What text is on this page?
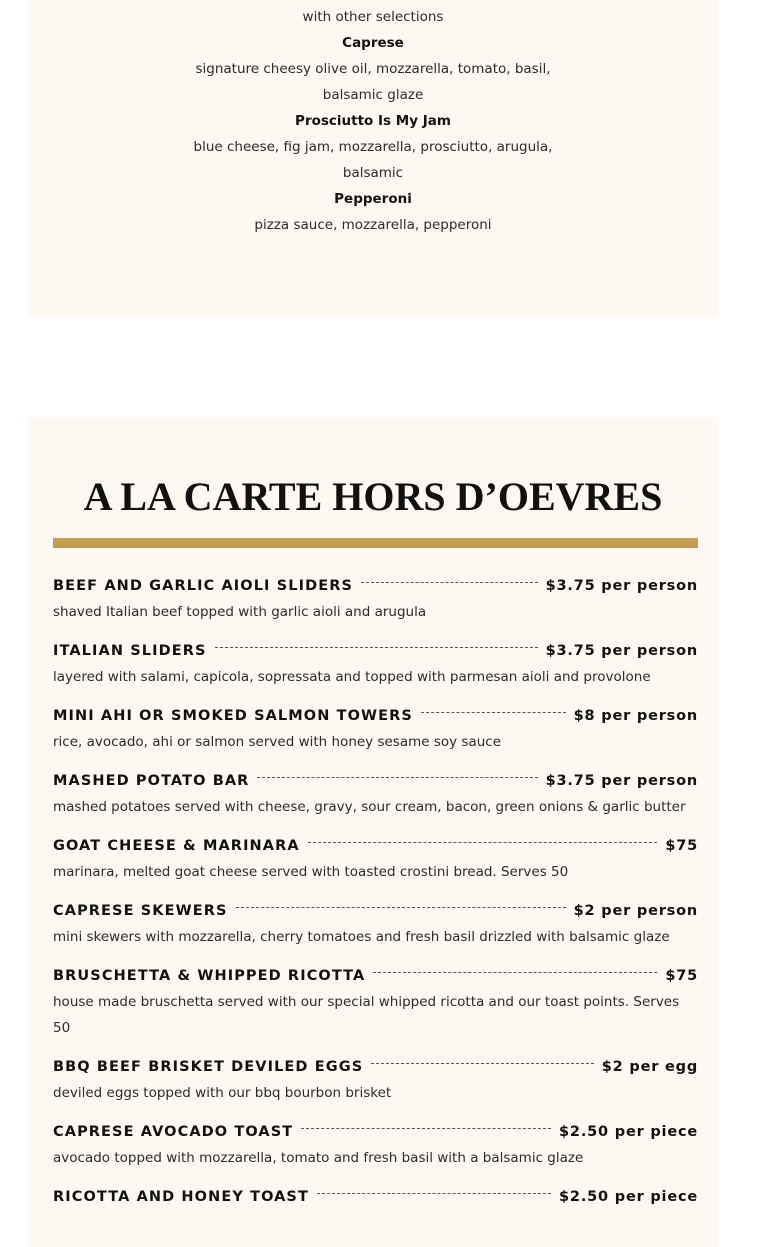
with other selections
Caprese
signature cheesy olive oil, mozzarella, tomato, basil,
balsamic glaze
Prosciutto Is My Jam
blue cheese, fig jam, mozzarella, prosciutto, arugula,
balsamic
Pepperoni
pizza sauce, mozzarella, pepperoni
A LA CARTE HORS D’OEVRES
BEEF AND GARLIC AIOLI SLIDERS	$3.75 per person
shaved Italian beef topped with garlic aioli and arugula
ITALIAN SLIDERS	$3.75 per person
layered with salami, capicola, sopressata and topped with parmesan aioli and provolone
MINI AHI OR SMOKED SALMON TOWERS	$8 per person
rice, avocado, ahi or salmon served with honey sesame soy sauce
MASHED POTATO BAR	$3.75 per person
mashed potatoes served with cheese, gravy, sour cream, bacon, green onions & garlic butter
GOAT CHEESE & MARINARA	$75
marinara, melted goat cheese served with toasted crostini bread. Serves 50
CAPRESE SKEWERS	$2 per person
mini skewers with mozzarella, cherry tomatoes and fresh basil drizzled with balsamic glaze
BRUSCHETTA & WHIPPED RICOTTA	$75
house made bruschetta served with our special whipped ricotta and our toast points. Serves 50
BBQ BEEF BRISKET DEVILED EGGS	$2 per egg
deviled eggs topped with our bbq bourbon brisket
CAPRESE AVOCADO TOAST	$2.50 per piece
avocado topped with mozzarella, tomato and fresh basil with a balsamic glaze
RICOTTA AND HONEY TOAST	$2.50 per piece
